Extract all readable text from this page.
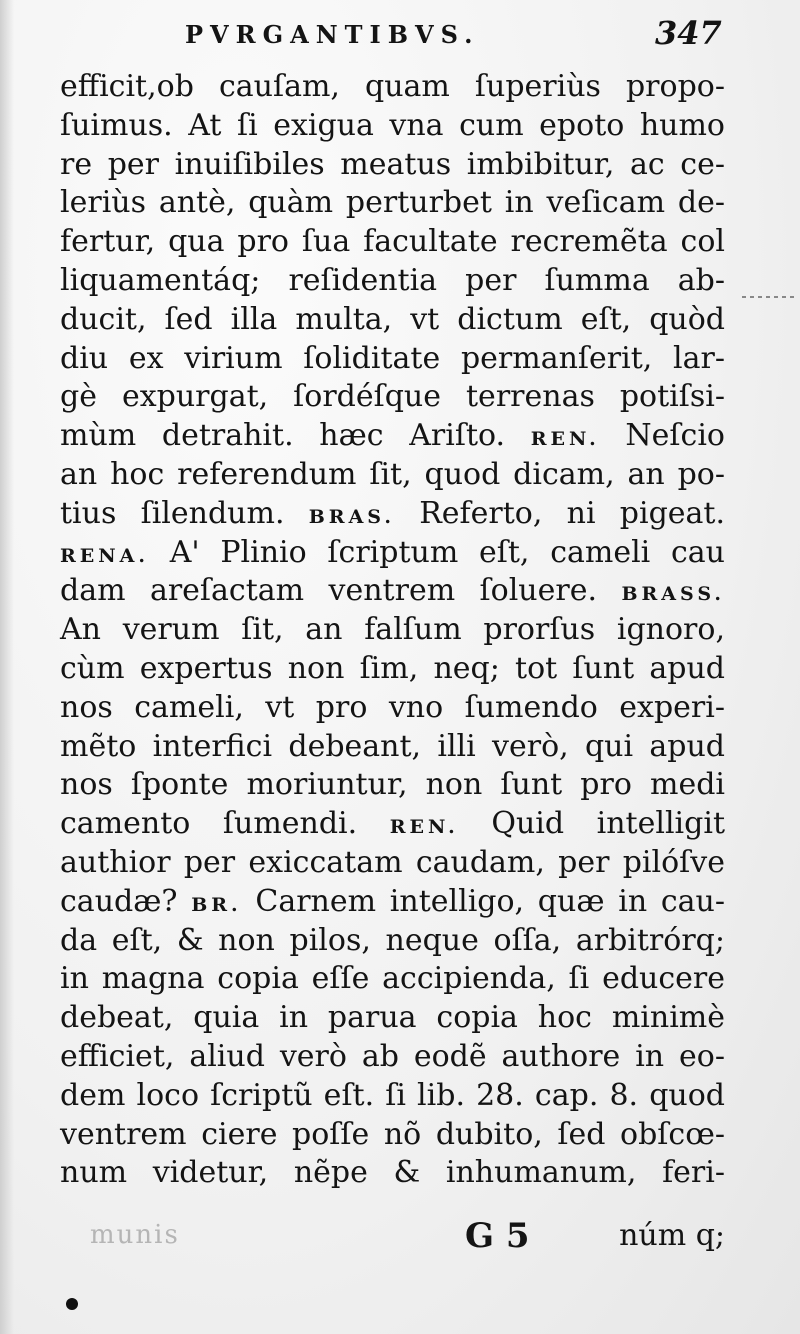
PVRGANTIBVS.	347
efficit,ob cauſam, quam ſuperiùs propo-
ſuimus. At ſi exigua vna cum epoto humo
re per inuiſibiles meatus imbibitur, ac ce-
leriùs antè, quàm perturbet in veſicam de-
fertur, qua pro ſua facultate recremẽta col
liquamentáq; reſidentia per ſumma ab-
ducit, ſed illa multa, vt dictum eſt, quòd
diu ex virium ſoliditate permanſerit, lar-
gè expurgat, ſordéſque terrenas potiſsi-
mùm detrahit. hæc Ariſto. REN. Neſcio
an hoc referendum ſit, quod dicam, an po-
tius ſilendum. BRAS. Referto, ni pigeat.
RENA. A' Plinio ſcriptum eſt, cameli cau
dam areſactam ventrem ſoluere. BRASS.
An verum ſit, an falſum prorſus ignoro,
cùm expertus non ſim, neq; tot ſunt apud
nos cameli, vt pro vno ſumendo experi-
mẽto interfici debeant, illi verò, qui apud
nos ſponte moriuntur, non ſunt pro medi
camento ſumendi. REN. Quid intelligit
authior per exiccatam caudam, per pilóſve
caudæ? BR. Carnem intelligo, quæ in cau-
da eſt, & non pilos, neque oſſa, arbitrórq;
in magna copia eſſe accipienda, ſi educere
debeat, quia in parua copia hoc minimè
efficiet, aliud verò ab eodẽ authore in eo-
dem loco ſcriptũ eſt. ſi lib. 28. cap. 8. quod
ventrem ciere poſſe nõ dubito, ſed obſcœ-
num videtur, nẽpe & inhumanum, feri-
munis	G 5	núm q;
